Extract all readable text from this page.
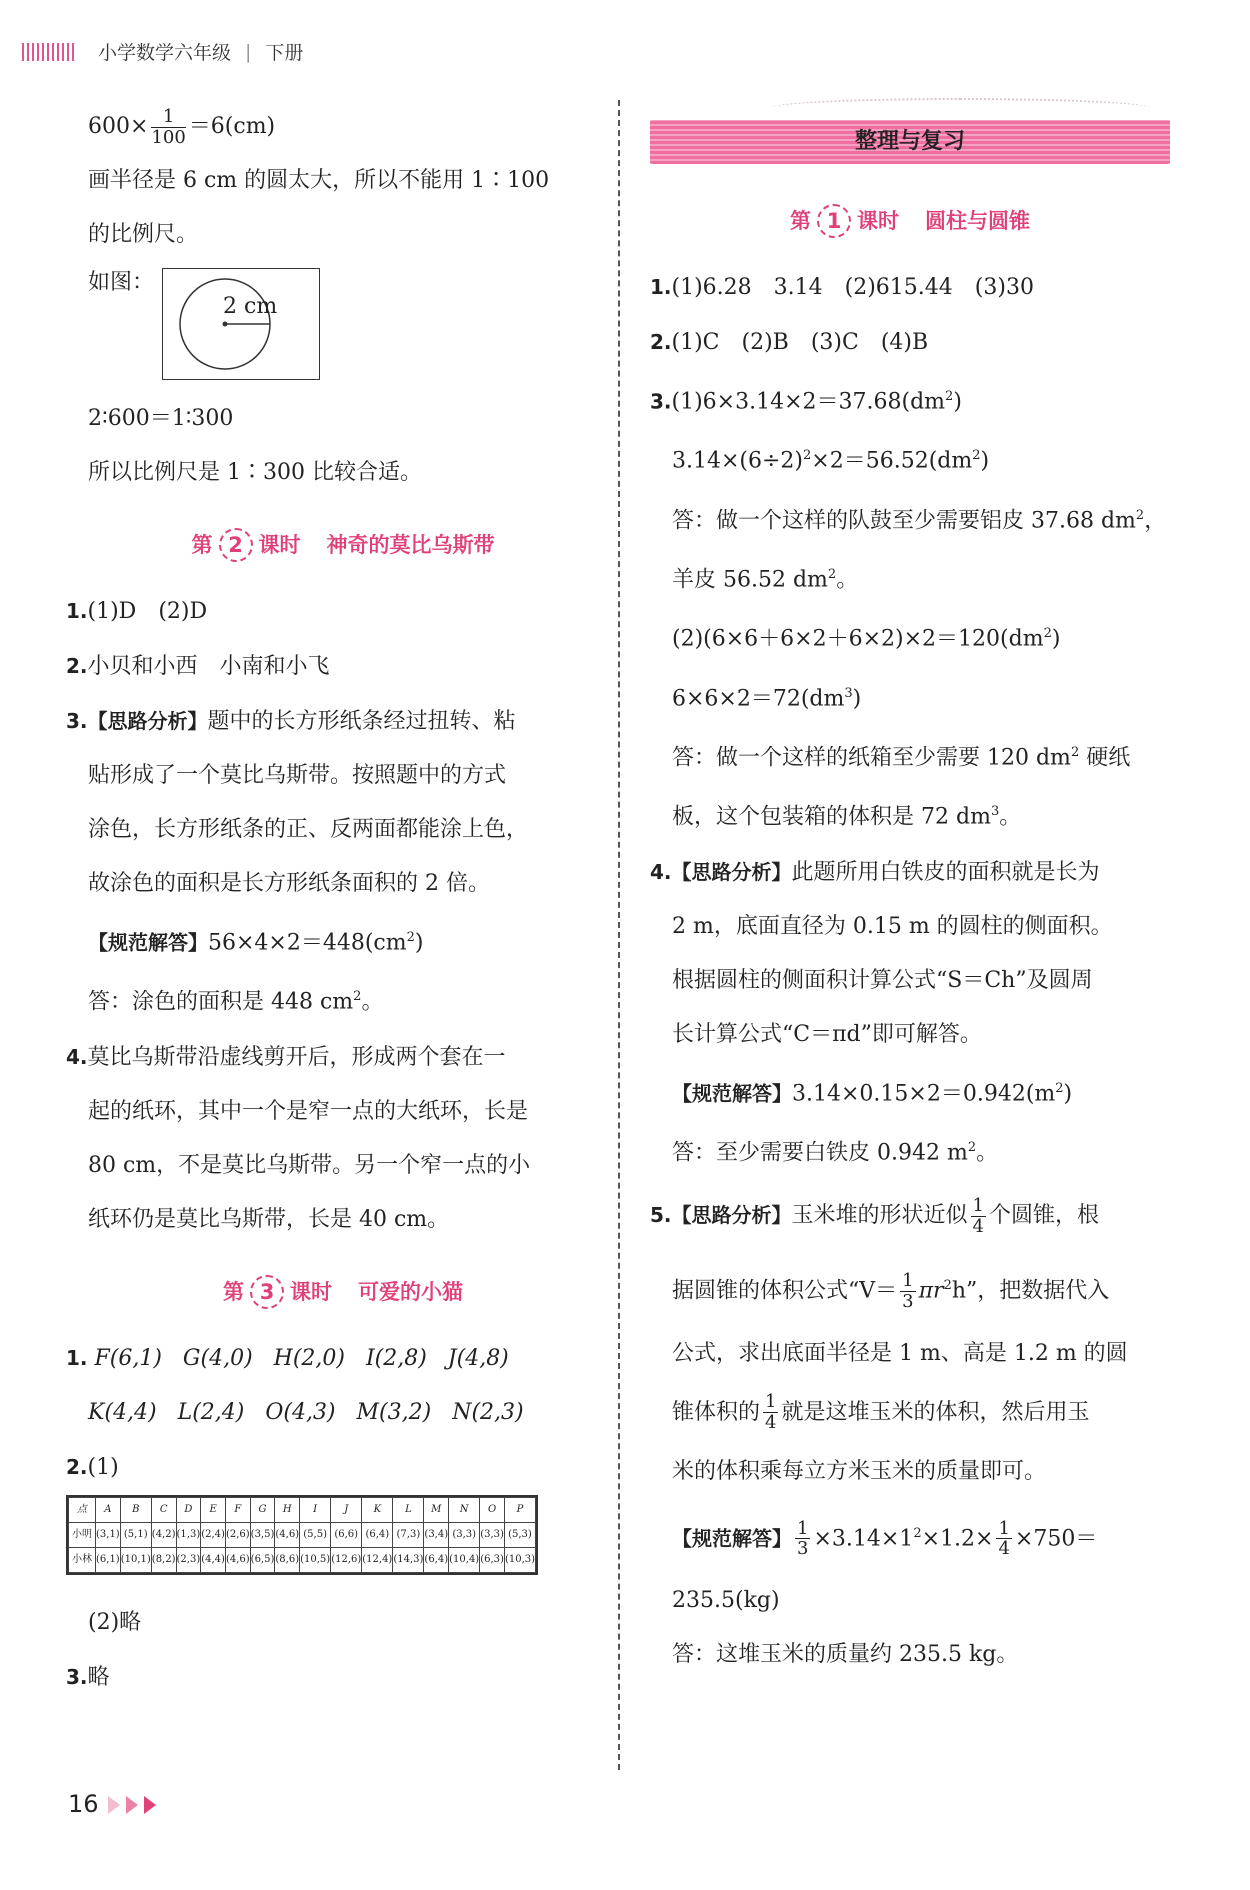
小学数学六年级 | 下册
$600\times \frac{1}{100} =6(cm)$
画半径是 6 cm 的圆太大，所以不能用 1∶100
的比例尺。
如图：
2 cm
2∶600＝1∶300
所以比例尺是 1∶300 比较合适。
第 2 课时 神奇的莫比乌斯带
1.(1)D　(2)D
2.小贝和小西　小南和小飞
3.【思路分析】题中的长方形纸条经过扭转、粘
贴形成了一个莫比乌斯带。按照题中的方式
涂色，长方形纸条的正、反两面都能涂上色，
故涂色的面积是长方形纸条面积的 2 倍。
【规范解答】$56\times 4\times 2=448(cm^2)$
答：涂色的面积是 448 $cm^2$。
4.莫比乌斯带沿虚线剪开后，形成两个套在一
起的纸环，其中一个是窄一点的大纸环，长是
80 cm，不是莫比乌斯带。另一个窄一点的小
纸环仍是莫比乌斯带，长是 40 cm。
第 3 课时 可爱的小猫
1. F(6,1) G(4,0) H(2,0) I(2,8) J(4,8)
K(4,4) L(2,4) O(4,3) M(3,2) N(2,3)
2.(1)
点	A	B	C	D	E	F	G	H	I	J	K	L	M	N	O	P
小明	(3,1)	(5,1)	(4,2)	(1,3)	(2,4)	(2,6)	(3,5)	(4,6)	(5,5)	(6,6)	(6,4)	(7,3)	(3,4)	(3,3)	(3,3)	(5,3)
小林	(6,1)	(10,1)	(8,2)	(2,3)	(4,4)	(4,6)	(6,5)	(8,6)	(10,5)	(12,6)	(12,4)	(14,3)	(6,4)	(10,4)	(6,3)	(10,3)
(2)略
3.略
整理与复习
第 1 课时 圆柱与圆锥
1.(1)6.28　3.14　(2)615.44　(3)30
2.(1)C　(2)B　(3)C　(4)B
$3.(1)6\times 3.14\times 2=37.68(dm^2)$
$3.14\times(6\div 2)^2\times 2=56.52(dm^2)$
答：做一个这样的队鼓至少需要铝皮 37.68 $dm^2$，
羊皮 56.52 $dm^2$。
$(2)(6\times 6+6\times 2+6\times 2)\times 2=120(dm^2)$
$6\times 6\times 2=72(dm^3)$
答：做一个这样的纸箱至少需要 120 $dm^2$ 硬纸
板，这个包装箱的体积是 72 $dm^3$。
4.【思路分析】此题所用白铁皮的面积就是长为
2 m，底面直径为 0.15 m 的圆柱的侧面积。
根据圆柱的侧面积计算公式“S＝Ch”及圆周
长计算公式“C＝πd”即可解答。
【规范解答】$3.14\times 0.15\times 2=0.942(m^2)$
答：至少需要白铁皮 0.942 $m^2$。
5.【思路分析】玉米堆的形状近似 $\frac{1}{4}$ 个圆锥，根
据圆锥的体积公式“$V= \frac{1}{3} \pi r^2h$”，把数据代入
公式，求出底面半径是 1 m、高是 1.2 m 的圆
锥体积的 $\frac{1}{4}$ 就是这堆玉米的体积，然后用玉
米的体积乘每立方米玉米的质量即可。
【规范解答】 $\frac{1}{3} \times 3.14\times 1^2\times 1.2\times \frac{1}{4} \times 750=$
235.5(kg)
答：这堆玉米的质量约 235.5 kg。
16
